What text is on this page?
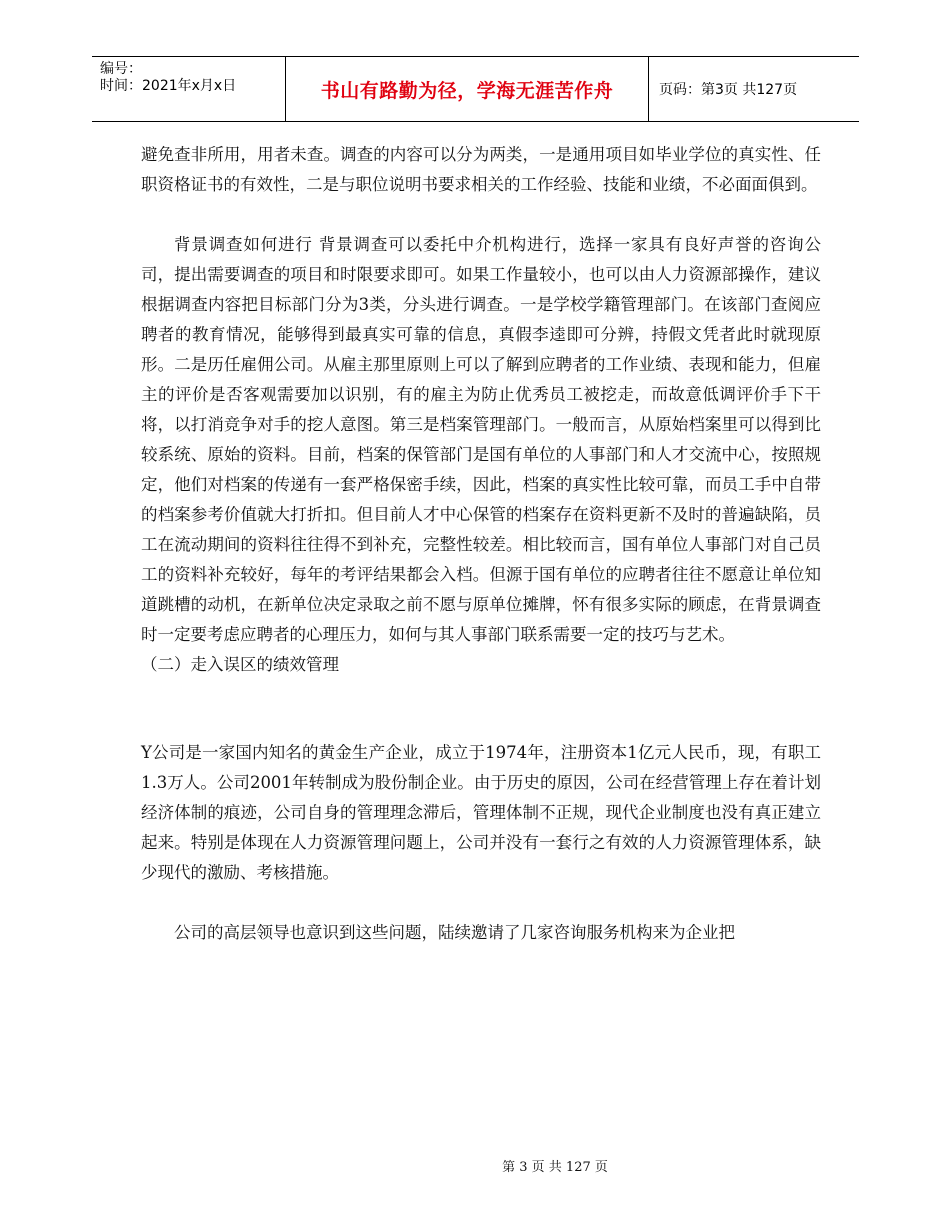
编号：
时间：2021年x月x日	书山有路勤为径，学海无涯苦作舟	页码：第3页 共127页

避免查非所用，用者未查。调查的内容可以分为两类，一是通用项目如毕业学位的真实性、任职资格证书的有效性，二是与职位说明书要求相关的工作经验、技能和业绩，不必面面俱到。

背景调查如何进行 背景调查可以委托中介机构进行，选择一家具有良好声誉的咨询公司，提出需要调查的项目和时限要求即可。如果工作量较小，也可以由人力资源部操作，建议根据调查内容把目标部门分为3类，分头进行调查。一是学校学籍管理部门。在该部门查阅应聘者的教育情况，能够得到最真实可靠的信息，真假李逵即可分辨，持假文凭者此时就现原形。二是历任雇佣公司。从雇主那里原则上可以了解到应聘者的工作业绩、表现和能力，但雇主的评价是否客观需要加以识别，有的雇主为防止优秀员工被挖走，而故意低调评价手下干将，以打消竞争对手的挖人意图。第三是档案管理部门。一般而言，从原始档案里可以得到比较系统、原始的资料。目前，档案的保管部门是国有单位的人事部门和人才交流中心，按照规定，他们对档案的传递有一套严格保密手续，因此，档案的真实性比较可靠，而员工手中自带的档案参考价值就大打折扣。但目前人才中心保管的档案存在资料更新不及时的普遍缺陷，员工在流动期间的资料往往得不到补充，完整性较差。相比较而言，国有单位人事部门对自己员工的资料补充较好，每年的考评结果都会入档。但源于国有单位的应聘者往往不愿意让单位知道跳槽的动机，在新单位决定录取之前不愿与原单位摊牌，怀有很多实际的顾虑，在背景调查时一定要考虑应聘者的心理压力，如何与其人事部门联系需要一定的技巧与艺术。

（二）走入误区的绩效管理

Y公司是一家国内知名的黄金生产企业，成立于1974年，注册资本1亿元人民币，现，有职工1.3万人。公司2001年转制成为股份制企业。由于历史的原因，公司在经营管理上存在着计划经济体制的痕迹，公司自身的管理理念滞后，管理体制不正规，现代企业制度也没有真正建立起来。特别是体现在人力资源管理问题上，公司并没有一套行之有效的人力资源管理体系，缺少现代的激励、考核措施。

公司的高层领导也意识到这些问题，陆续邀请了几家咨询服务机构来为企业把

第 3 页 共 127 页
